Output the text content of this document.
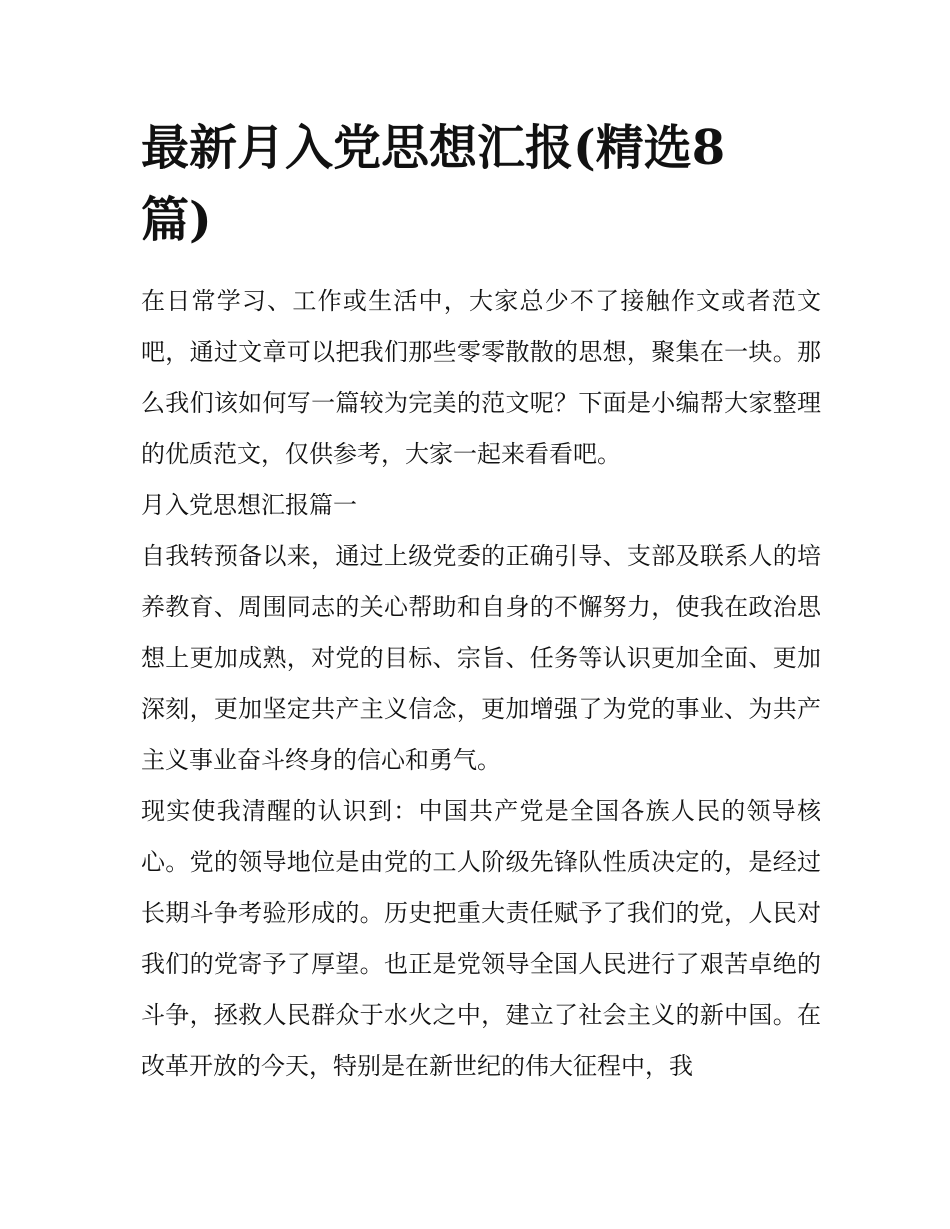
最新月入党思想汇报(精选8篇)

在日常学习、工作或生活中，大家总少不了接触作文或者范文吧，通过文章可以把我们那些零零散散的思想，聚集在一块。那么我们该如何写一篇较为完美的范文呢？下面是小编帮大家整理的优质范文，仅供参考，大家一起来看看吧。

月入党思想汇报篇一

自我转预备以来，通过上级党委的正确引导、支部及联系人的培养教育、周围同志的关心帮助和自身的不懈努力，使我在政治思想上更加成熟，对党的目标、宗旨、任务等认识更加全面、更加深刻，更加坚定共产主义信念，更加增强了为党的事业、为共产主义事业奋斗终身的信心和勇气。

现实使我清醒的认识到：中国共产党是全国各族人民的领导核心。党的领导地位是由党的工人阶级先锋队性质决定的，是经过长期斗争考验形成的。历史把重大责任赋予了我们的党，人民对我们的党寄予了厚望。也正是党领导全国人民进行了艰苦卓绝的斗争，拯救人民群众于水火之中，建立了社会主义的新中国。在改革开放的今天，特别是在新世纪的伟大征程中，我
